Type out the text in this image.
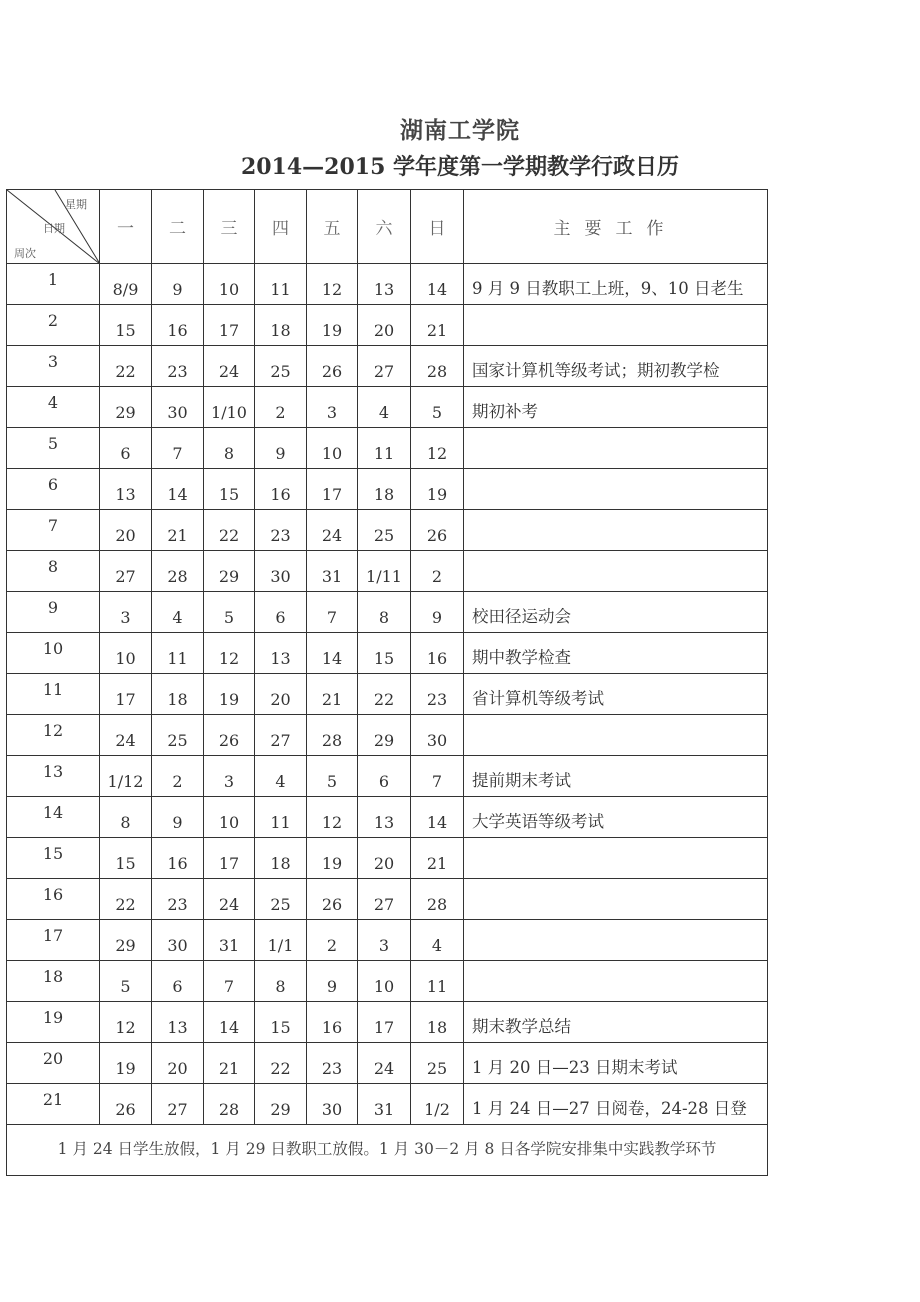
湖南工学院
2014—2015 学年度第一学期教学行政日历
星期
日期
周次	一	二	三	四	五	六	日	主要工作
1	8/9	9	10	11	12	13	14	9 月 9 日教职工上班，9、10 日老生
2	15	16	17	18	19	20	21	
3	22	23	24	25	26	27	28	国家计算机等级考试；期初教学检
4	29	30	1/10	2	3	4	5	期初补考
5	6	7	8	9	10	11	12	
6	13	14	15	16	17	18	19	
7	20	21	22	23	24	25	26	
8	27	28	29	30	31	1/11	2	
9	3	4	5	6	7	8	9	校田径运动会
10	10	11	12	13	14	15	16	期中教学检查
11	17	18	19	20	21	22	23	省计算机等级考试
12	24	25	26	27	28	29	30	
13	1/12	2	3	4	5	6	7	提前期末考试
14	8	9	10	11	12	13	14	大学英语等级考试
15	15	16	17	18	19	20	21	
16	22	23	24	25	26	27	28	
17	29	30	31	1/1	2	3	4	
18	5	6	7	8	9	10	11	
19	12	13	14	15	16	17	18	期末教学总结
20	19	20	21	22	23	24	25	1 月 20 日—23 日期末考试
21	26	27	28	29	30	31	1/2	1 月 24 日—27 日阅卷，24-28 日登
1 月 24 日学生放假，1 月 29 日教职工放假。1 月 30－2 月 8 日各学院安排集中实践教学环节								
